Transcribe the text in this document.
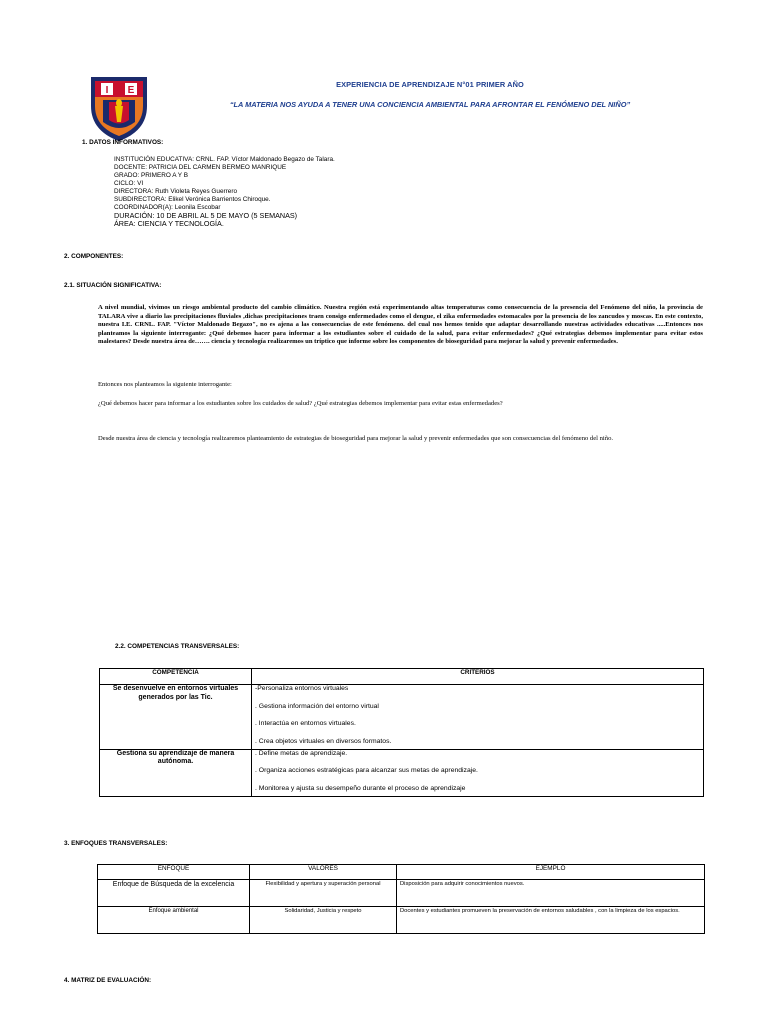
I E
EXPERIENCIA DE APRENDIZAJE N°01 PRIMER AÑO
“LA MATERIA NOS AYUDA A TENER UNA CONCIENCIA AMBIENTAL PARA AFRONTAR EL FENÓMENO DEL NIÑO”
1. DATOS INFORMATIVOS:
INSTITUCIÓN EDUCATIVA: CRNL. FAP. Víctor Maldonado Begazo de Talara.
DOCENTE: PATRICIA DEL CARMEN BERMEO MANRIQUE
GRADO: PRIMERO A Y B
CICLO: VI
DIRECTORA: Ruth Violeta Reyes Guerrero
SUBDIRECTORA: Elikel Verónica Barrientos Chiroque.
COORDINADOR(A): Leonila Escobar
DURACIÓN: 10 DE ABRIL AL 5 DE MAYO (5 SEMANAS)
ÁREA: CIENCIA Y TECNOLOGÍA.
2. COMPONENTES:
2.1. SITUACIÓN SIGNIFICATIVA:
A nivel mundial, vivimos un riesgo ambiental producto del cambio climático. Nuestra región está experimentando altas temperaturas como consecuencia de la presencia del Fenómeno del niño, la provincia de TALARA vive a diario las precipitaciones fluviales ,dichas precipitaciones traen consigo enfermedades como el dengue, el zika enfermedades estomacales por la presencia de los zancudos y moscas. En este contexto, nuestra I.E. CRNL. FAP. "Víctor Maldonado Begazo", no es ajena a las consecuencias de este fenómeno. del cual nos hemos tenido que adaptar desarrollando nuestras actividades educativas .....Entonces nos planteamos la siguiente interrogante: ¿Qué debemos hacer para informar a los estudiantes sobre el cuidado de la salud, para evitar enfermedades? ¿Qué estrategias debemos implementar para evitar estos malestares? Desde nuestra área de……. ciencia y tecnología realizaremos un tríptico que informe sobre los componentes de bioseguridad para mejorar la salud y prevenir enfermedades.
Entonces nos planteamos la siguiente interrogante:
¿Qué debemos hacer para informar a los estudiantes sobre los cuidados de salud? ¿Qué estrategias debemos implementar para evitar estas enfermedades?
Desde nuestra área de ciencia y tecnología realizaremos planteamiento de estrategias de bioseguridad para mejorar la salud y prevenir enfermedades que son consecuencias del fenómeno del niño.
2.2. COMPETENCIAS TRANSVERSALES:
COMPETENCIA	CRITERIOS
Se desenvuelve en entornos virtuales generados por las Tic.	-Personaliza entornos virtuales
. Gestiona información del entorno virtual
. Interactúa en entornos virtuales.
. Crea objetos virtuales en diversos formatos.

Gestiona su aprendizaje de manera autónoma.	. Define metas de aprendizaje.
. Organiza acciones estratégicas para alcanzar sus metas de aprendizaje.
. Monitorea y ajusta su desempeño durante el proceso de aprendizaje
3. ENFOQUES TRANSVERSALES:
ENFOQUE	VALORES	EJEMPLO
Enfoque de Búsqueda de la excelencia	Flexibilidad y apertura y superación personal	Disposición para adquirir conocimientos nuevos.
Enfoque ambiental	Solidaridad, Justicia y respeto	Docentes y estudiantes promueven la preservación de entornos saludables , con la limpieza de los espacios.
4. MATRIZ DE EVALUACIÓN:
